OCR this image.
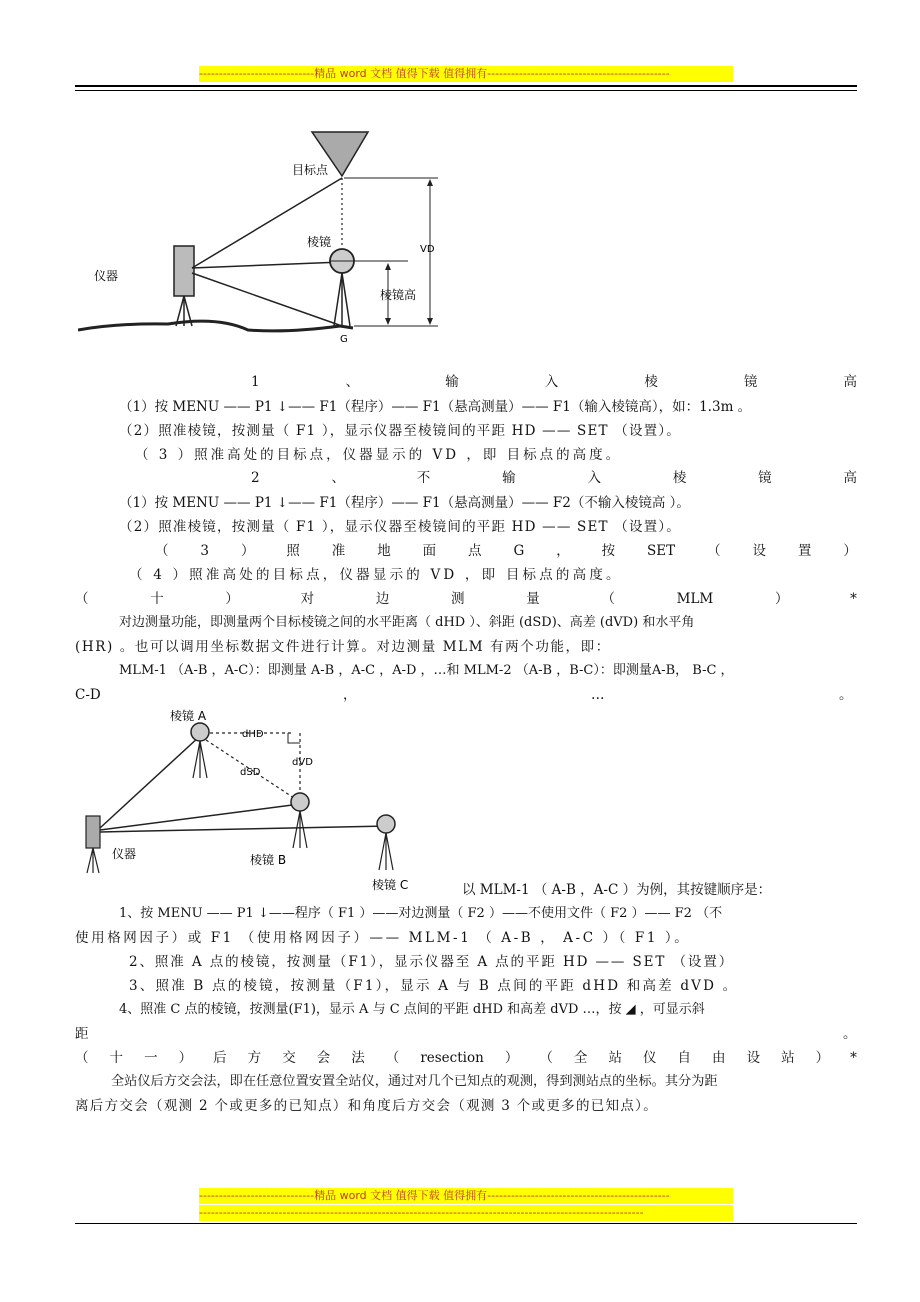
-----------------------------精品 word 文档 值得下载 值得拥有----------------------------------------------
目标点
棱镜
仪器
棱镜高
VD
G
1	、	输	入	棱	镜	高
（1）按 MENU —— P1 ↓—— F1（程序）—— F1（悬高测量）—— F1（输入棱镜高），如：1.3m 。
（2）照准棱镜，按测量（ F1 ），显示仪器至棱镜间的平距 HD —— SET （设置）。
（ 3 ）照准高处的目标点，仪器显示的 VD ，即 目标点的高度。
2	、	不	输	入	棱	镜	高
（1）按 MENU —— P1 ↓—— F1（程序）—— F1（悬高测量）—— F2（不输入棱镜高 ）。
（2）照准棱镜，按测量（ F1 ），显示仪器至棱镜间的平距 HD —— SET （设置）。
（ 3 ） 照 准 地 面 点 G ， 按 SET （ 设 置 ）
（ 4 ）照准高处的目标点，仪器显示的 VD ，即 目标点的高度。
（	十	）	对	边	测	量	（	MLM	）	*
对边测量功能，即测量两个目标棱镜之间的水平距离（ dHD ）、斜距 (dSD)、高差 (dVD) 和水平角
(HR) 。也可以调用坐标数据文件进行计算。对边测量 MLM 有两个功能，即：
MLM-1 （A-B ，A-C）：即测量 A-B ，A-C ，A-D ，…和 MLM-2 （A-B ，B-C）：即测量A-B， B-C ，
C-D	，	…	。
棱镜 A
棱镜 B
棱镜 C
仪器
dHD
dVD
dSD
以 MLM-1 （ A-B ，A-C ）为例，其按键顺序是：
1、按 MENU —— P1 ↓——程序（ F1 ）——对边测量（ F2 ）——不使用文件（ F2 ）—— F2 （不
使用格网因子）或 F1 （使用格网因子）—— MLM-1 （ A-B ， A-C ）（ F1 ）。
2、照准 A 点的棱镜，按测量（F1），显示仪器至 A 点的平距 HD —— SET （设置）
3、照准 B 点的棱镜，按测量（F1），显示 A 与 B 点间的平距 dHD 和高差 dVD 。
4、照准 C 点的棱镜，按测量(F1)，显示 A 与 C 点间的平距 dHD 和高差 dVD …，按 ◢ ，可显示斜
距	。
（ 十 一 ） 后 方 交 会 法 （ resection ） （ 全 站 仪 自 由 设 站 ） *
全站仪后方交会法，即在任意位置安置全站仪，通过对几个已知点的观测，得到测站点的坐标。其分为距
离后方交会（观测 2 个或更多的已知点）和角度后方交会（观测 3 个或更多的已知点）。
-----------------------------精品 word 文档 值得下载 值得拥有----------------------------------------------
----------------------------------------------------------------------------------------------------------------
